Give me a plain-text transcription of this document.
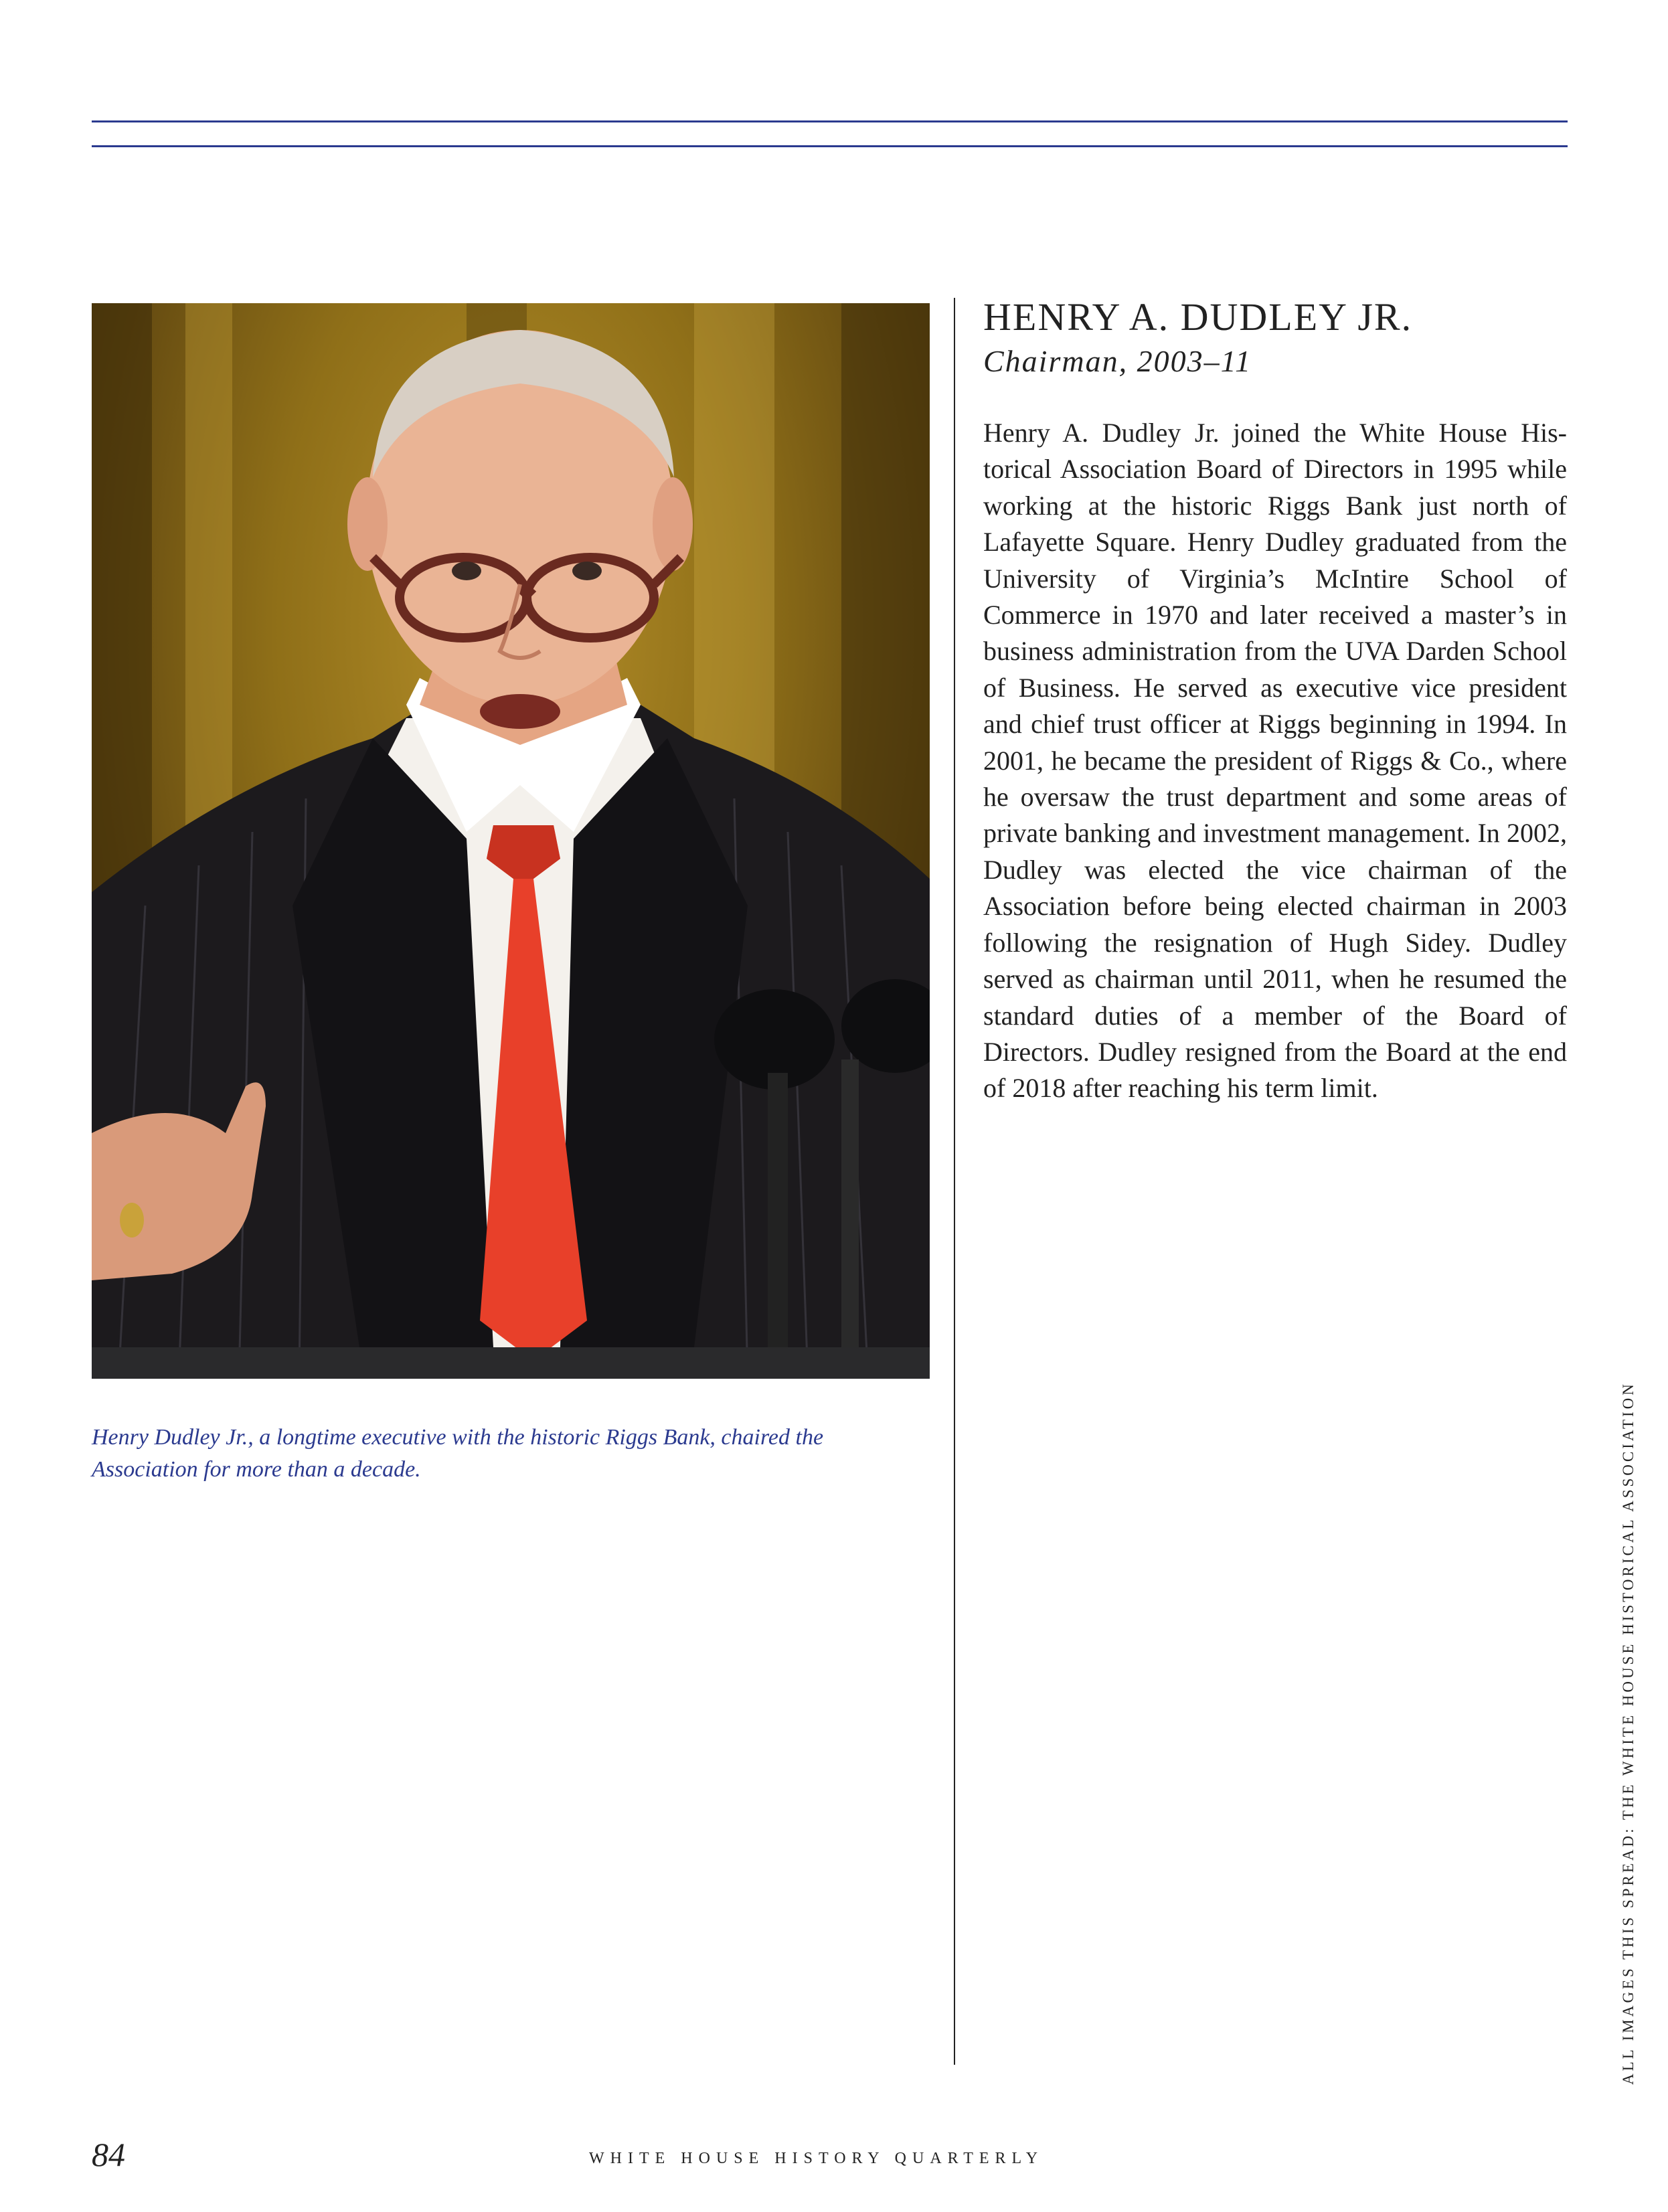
Henry Dudley Jr., a longtime executive with the historic Riggs Bank, chaired the Association for more than a decade.
HENRY A. DUDLEY JR.
Chairman, 2003–11
Henry A. Dudley Jr. joined the White House His-torical Association Board of Directors in 1995 while working at the historic Riggs Bank just north of Lafayette Square. Henry Dudley graduated from the University of Virginia’s McIntire School of Commerce in 1970 and later received a master’s in business administration from the UVA Darden School of Business. He served as executive vice president and chief trust officer at Riggs beginning in 1994. In 2001, he became the president of Riggs & Co., where he oversaw the trust department and some areas of private banking and investment management. In 2002, Dudley was elected the vice chairman of the Association before being elected chairman in 2003 following the resignation of Hugh Sidey. Dudley served as chairman until 2011, when he resumed the standard duties of a member of the Board of Directors. Dudley resigned from the Board at the end of 2018 after reaching his term limit.
ALL IMAGES THIS SPREAD: THE WHITE HOUSE HISTORICAL ASSOCIATION
84	WHITE HOUSE HISTORY QUARTERLY
